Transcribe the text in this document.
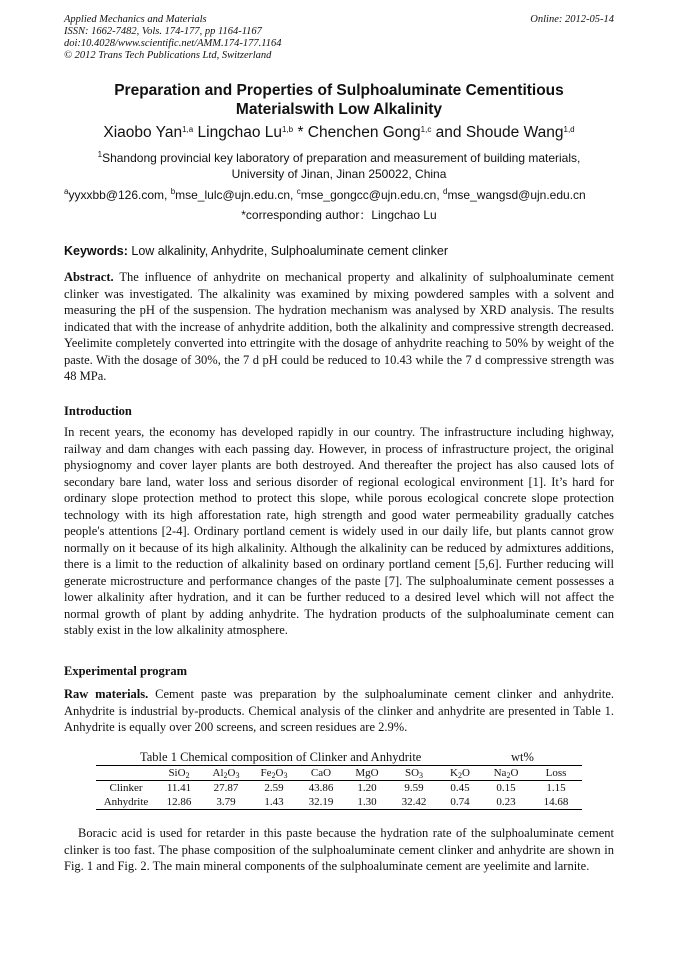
Applied Mechanics and Materials	Online: 2012-05-14
ISSN: 1662-7482, Vols. 174-177, pp 1164-1167
doi:10.4028/www.scientific.net/AMM.174-177.1164
© 2012 Trans Tech Publications Ltd, Switzerland
Preparation and Properties of Sulphoaluminate Cementitious
Materialswith Low Alkalinity
Xiaobo Yan$^{1,a}$ Lingchao Lu$^{1,b}$ * Chenchen Gong$^{1,c}$ and Shoude Wang$^{1,d}$
$^1$Shandong provincial key laboratory of preparation and measurement of building materials,
University of Jinan, Jinan 250022, China
$^a$yyxxbb@126.com, $^b$mse_lulc@ujn.edu.cn, $^c$mse_gongcc@ujn.edu.cn, $^d$mse_wangsd@ujn.edu.cn
*corresponding author：Lingchao Lu
Keywords: Low alkalinity, Anhydrite, Sulphoaluminate cement clinker
Abstract. The influence of anhydrite on mechanical property and alkalinity of sulphoaluminate cement clinker was investigated. The alkalinity was examined by mixing powdered samples with a solvent and measuring the pH of the suspension. The hydration mechanism was analysed by XRD analysis. The results indicated that with the increase of anhydrite addition, both the alkalinity and compressive strength decreased. Yeelimite completely converted into ettringite with the dosage of anhydrite reaching to 50% by weight of the paste. With the dosage of 30%, the 7 d pH could be reduced to 10.43 while the 7 d compressive strength was 48 MPa.
Introduction
In recent years, the economy has developed rapidly in our country. The infrastructure including highway, railway and dam changes with each passing day. However, in process of infrastructure project, the original physiognomy and cover layer plants are both destroyed. And thereafter the project has also caused lots of secondary bare land, water loss and serious disorder of regional ecological environment [1]. It’s hard for ordinary slope protection method to protect this slope, while porous ecological concrete slope protection technology with its high afforestation rate, high strength and good water permeability gradually catches people's attentions [2-4]. Ordinary portland cement is widely used in our daily life, but plants cannot grow normally on it because of its high alkalinity. Although the alkalinity can be reduced by admixtures additions, there is a limit to the reduction of alkalinity based on ordinary portland cement [5,6]. Further reducing will generate microstructure and performance changes of the paste [7]. The sulphoaluminate cement possesses a lower alkalinity after hydration, and it can be further reduced to a desired level which will not affect the normal growth of plant by adding anhydrite. The hydration products of the sulphoaluminate cement can stably exist in the low alkalinity atmosphere.
Experimental program
Raw materials. Cement paste was preparation by the sulphoaluminate cement clinker and anhydrite. Anhydrite is industrial by-products. Chemical analysis of the clinker and anhydrite are presented in Table 1. Anhydrite is equally over 200 screens, and screen residues are 2.9%.
Table 1 Chemical composition of Clinker and Anhydrite	wt%
	SiO$_2$	$Al_2O_3$	$Fe_2O_3$	CaO	MgO	$SO_3$	$K_2O$	$Na_2O$	Loss
Clinker	11.41	27.87	2.59	43.86	1.20	9.59	0.45	0.15	1.15
Anhydrite	12.86	3.79	1.43	32.19	1.30	32.42	0.74	0.23	14.68
Boracic acid is used for retarder in this paste because the hydration rate of the sulphoaluminate cement clinker is too fast. The phase composition of the sulphoaluminate cement clinker and anhydrite are shown in Fig. 1 and Fig. 2. The main mineral components of the sulphoaluminate cement are yeelimite and larnite.
